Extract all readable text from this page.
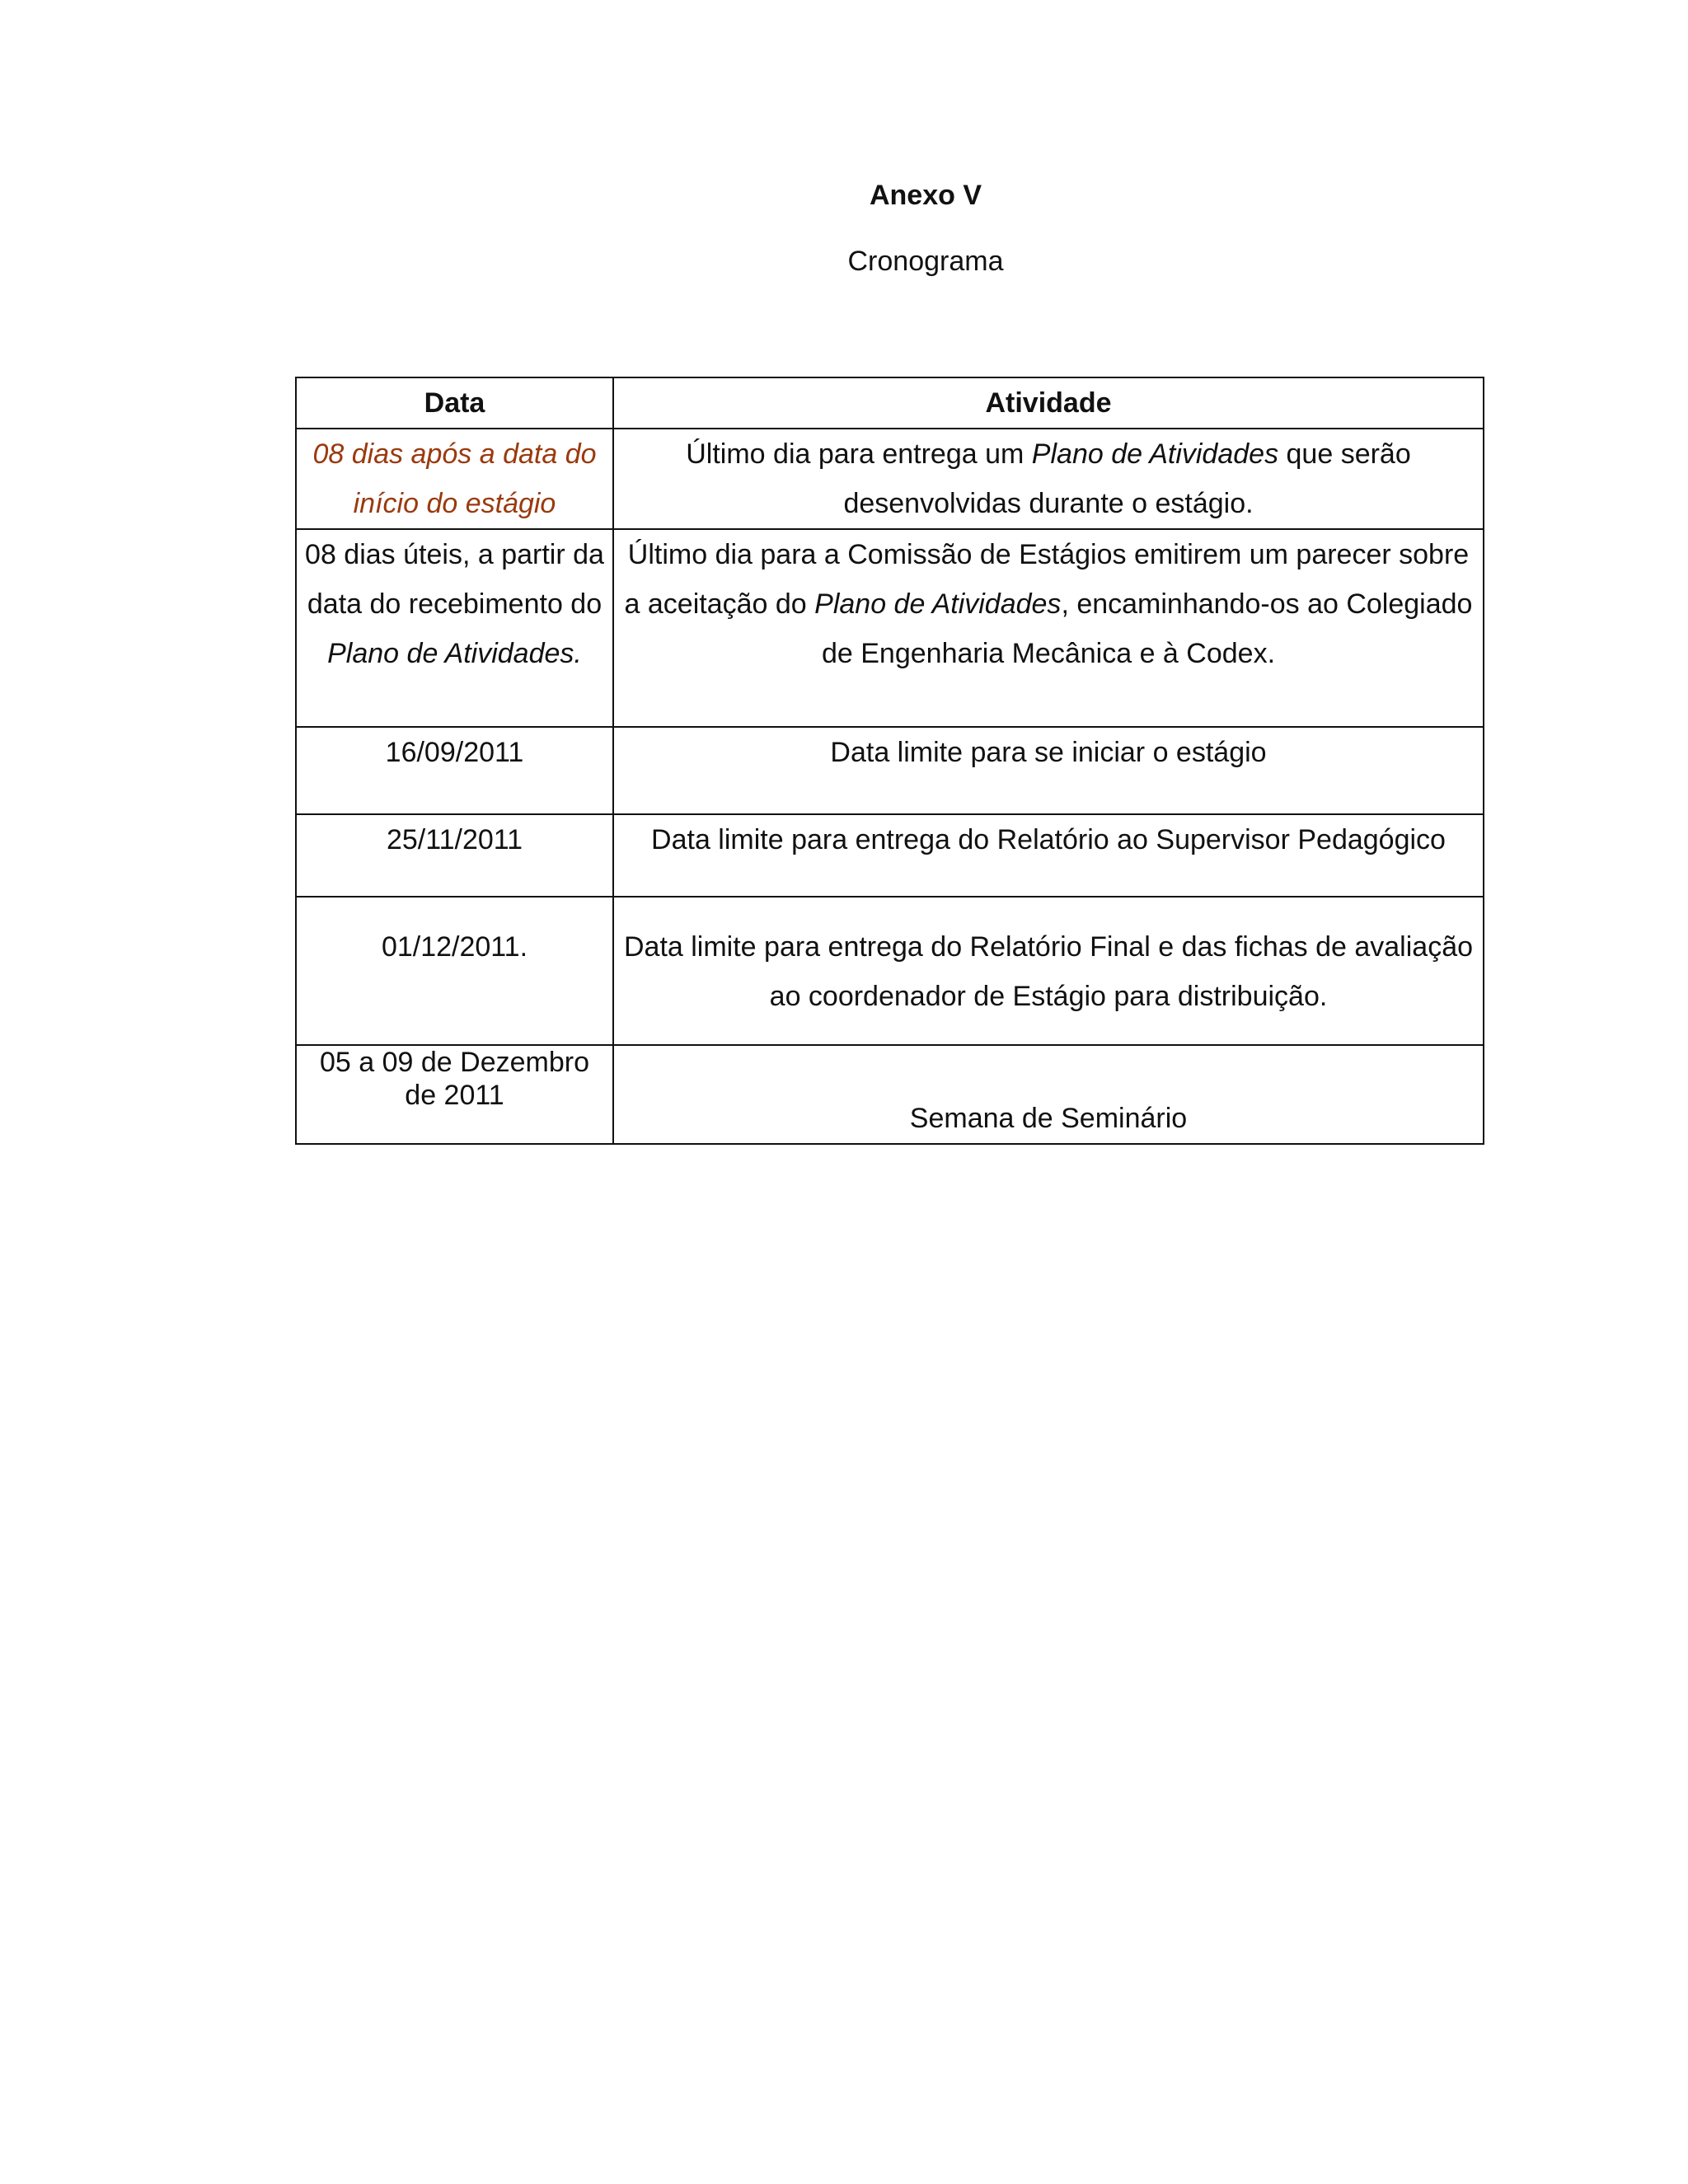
Anexo V
Cronograma
Data	Atividade
08 dias após a data do início do estágio	Último dia para entrega um Plano de Atividades que serão desenvolvidas durante o estágio.
08 dias úteis, a partir da data do recebimento do Plano de Atividades.	Último dia para a Comissão de Estágios emitirem um parecer sobre a aceitação do Plano de Atividades, encaminhando-os ao Colegiado de Engenharia Mecânica e à Codex.
16/09/2011	Data limite para se iniciar o estágio
25/11/2011	Data limite para entrega do Relatório ao Supervisor Pedagógico
01/12/2011.	Data limite para entrega do Relatório Final e das fichas de avaliação ao coordenador de Estágio para distribuição.
05 a 09 de Dezembro de 2011	Semana de Seminário
